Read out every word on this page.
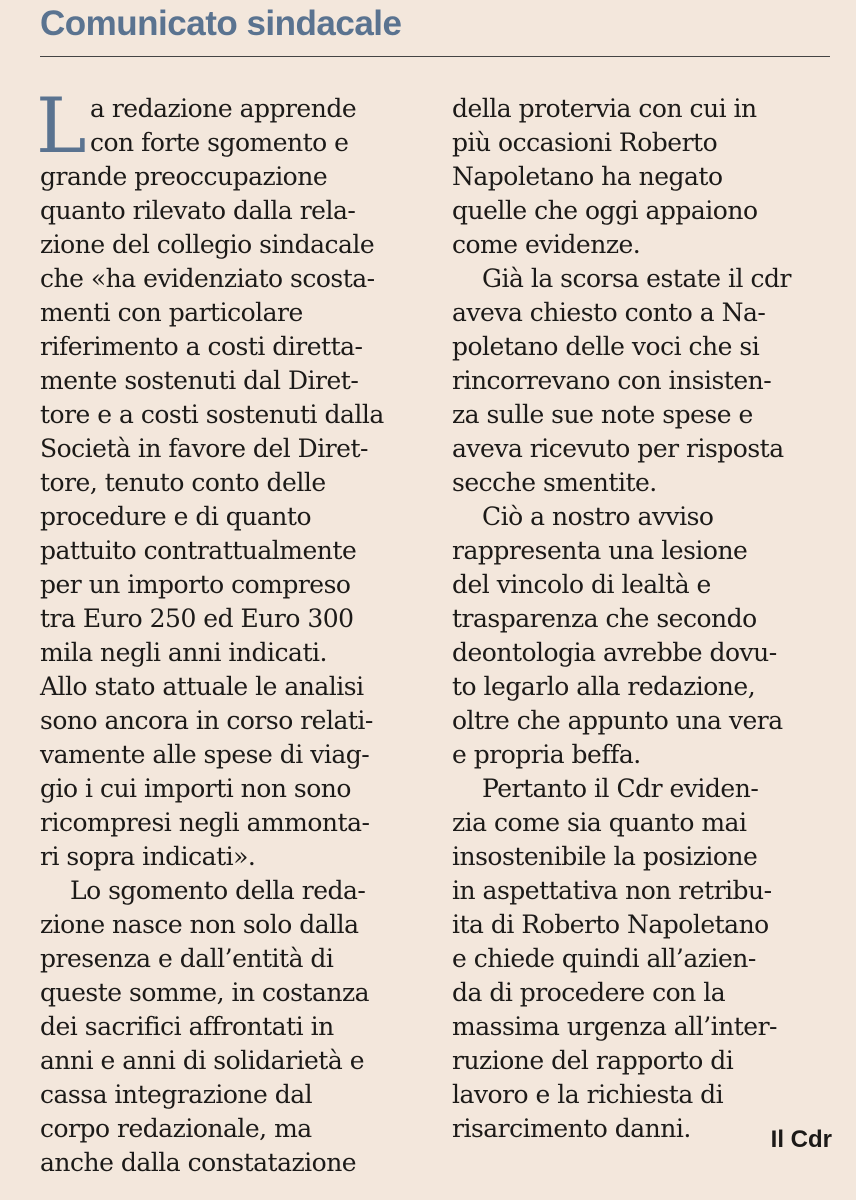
Comunicato sindacale
L a redazione apprende
con forte sgomento e
grande preoccupazione
quanto rilevato dalla rela-
zione del collegio sindacale
che «ha evidenziato scosta-
menti con particolare
riferimento a costi diretta-
mente sostenuti dal Diret-
tore e a costi sostenuti dalla
Società in favore del Diret-
tore, tenuto conto delle
procedure e di quanto
pattuito contrattualmente
per un importo compreso
tra Euro 250 ed Euro 300
mila negli anni indicati.
Allo stato attuale le analisi
sono ancora in corso relati-
vamente alle spese di viag-
gio i cui importi non sono
ricompresi negli ammonta-
ri sopra indicati».
Lo sgomento della reda-
zione nasce non solo dalla
presenza e dall’entità di
queste somme, in costanza
dei sacrifici affrontati in
anni e anni di solidarietà e
cassa integrazione dal
corpo redazionale, ma
anche dalla constatazione
della protervia con cui in
più occasioni Roberto
Napoletano ha negato
quelle che oggi appaiono
come evidenze.
Già la scorsa estate il cdr
aveva chiesto conto a Na-
poletano delle voci che si
rincorrevano con insisten-
za sulle sue note spese e
aveva ricevuto per risposta
secche smentite.
Ciò a nostro avviso
rappresenta una lesione
del vincolo di lealtà e
trasparenza che secondo
deontologia avrebbe dovu-
to legarlo alla redazione,
oltre che appunto una vera
e propria beffa.
Pertanto il Cdr eviden-
zia come sia quanto mai
insostenibile la posizione
in aspettativa non retribu-
ita di Roberto Napoletano
e chiede quindi all’azien-
da di procedere con la
massima urgenza all’inter-
ruzione del rapporto di
lavoro e la richiesta di
risarcimento danni.	Il Cdr
